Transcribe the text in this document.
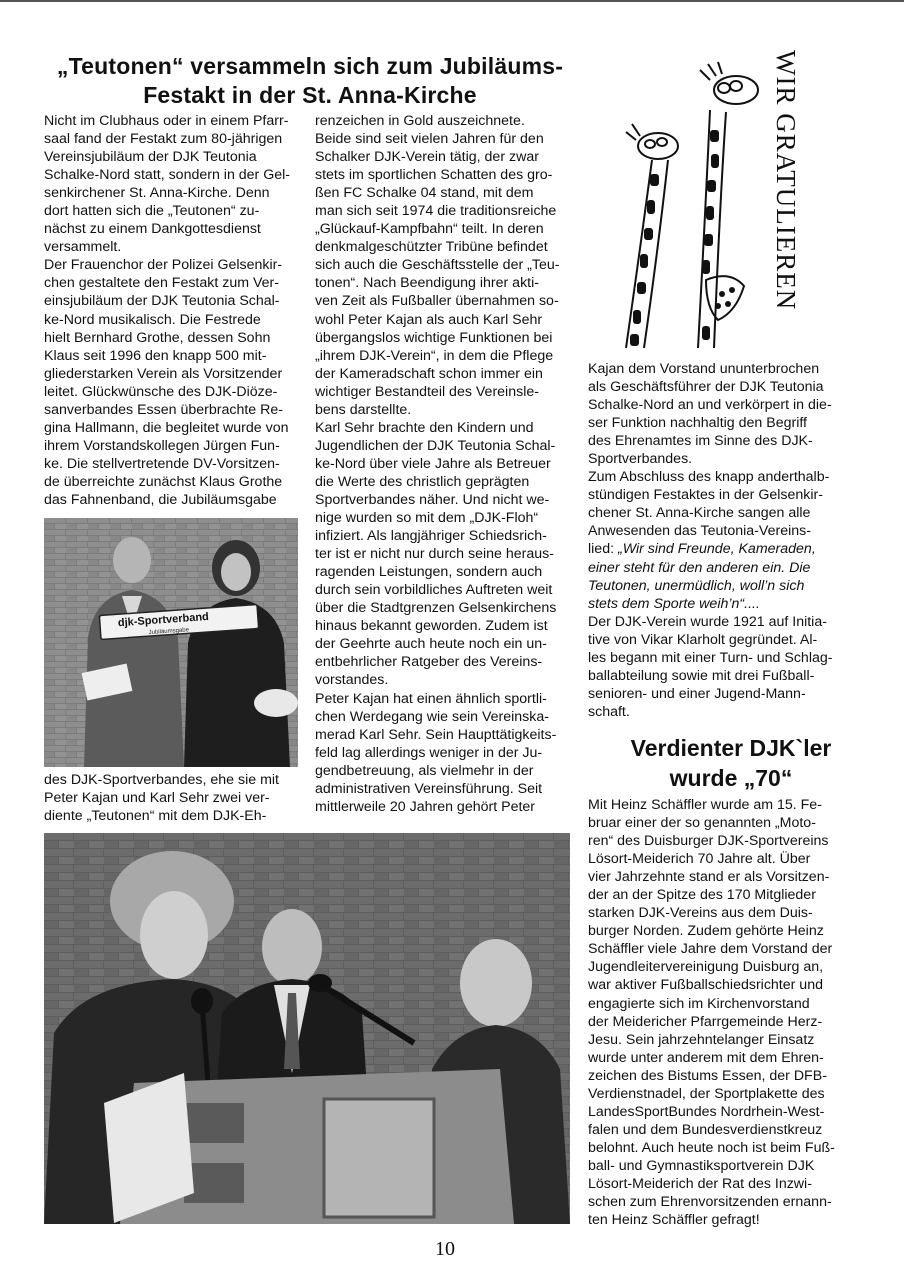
„Teutonen“ versammeln sich zum Jubiläums-
Festakt in der St. Anna-Kirche
Nicht im Clubhaus oder in einem Pfarr-
saal fand der Festakt zum 80-jährigen
Vereinsjubiläum der DJK Teutonia
Schalke-Nord statt, sondern in der Gel-
senkirchener St. Anna-Kirche. Denn
dort hatten sich die „Teutonen“ zu-
nächst zu einem Dankgottesdienst
versammelt.
Der Frauenchor der Polizei Gelsenkir-
chen gestaltete den Festakt zum Ver-
einsjubiläum der DJK Teutonia Schal-
ke-Nord musikalisch. Die Festrede
hielt Bernhard Grothe, dessen Sohn
Klaus seit 1996 den knapp 500 mit-
gliederstarken Verein als Vorsitzender
leitet. Glückwünsche des DJK-Diöze-
sanverbandes Essen überbrachte Re-
gina Hallmann, die begleitet wurde von
ihrem Vorstandskollegen Jürgen Fun-
ke. Die stellvertretende DV-Vorsitzen-
de überreichte zunächst Klaus Grothe
das Fahnenband, die Jubiläumsgabe
djk-Sportverband
Jubiläumsgabe
des DJK-Sportverbandes, ehe sie mit
Peter Kajan und Karl Sehr zwei ver-
diente „Teutonen“ mit dem DJK-Eh-
renzeichen in Gold auszeichnete.
Beide sind seit vielen Jahren für den
Schalker DJK-Verein tätig, der zwar
stets im sportlichen Schatten des gro-
ßen FC Schalke 04 stand, mit dem
man sich seit 1974 die traditionsreiche
„Glückauf-Kampfbahn“ teilt. In deren
denkmalgeschützter Tribüne befindet
sich auch die Geschäftsstelle der „Teu-
tonen“. Nach Beendigung ihrer akti-
ven Zeit als Fußballer übernahmen so-
wohl Peter Kajan als auch Karl Sehr
übergangslos wichtige Funktionen bei
„ihrem DJK-Verein“, in dem die Pflege
der Kameradschaft schon immer ein
wichtiger Bestandteil des Vereinsle-
bens darstellte.
Karl Sehr brachte den Kindern und
Jugendlichen der DJK Teutonia Schal-
ke-Nord über viele Jahre als Betreuer
die Werte des christlich geprägten
Sportverbandes näher. Und nicht we-
nige wurden so mit dem „DJK-Floh“
infiziert. Als langjähriger Schiedsrich-
ter ist er nicht nur durch seine heraus-
ragenden Leistungen, sondern auch
durch sein vorbildliches Auftreten weit
über die Stadtgrenzen Gelsenkirchens
hinaus bekannt geworden. Zudem ist
der Geehrte auch heute noch ein un-
entbehrlicher Ratgeber des Vereins-
vorstandes.
Peter Kajan hat einen ähnlich sportli-
chen Werdegang wie sein Vereinska-
merad Karl Sehr. Sein Haupttätigkeits-
feld lag allerdings weniger in der Ju-
gendbetreuung, als vielmehr in der
administrativen Vereinsführung. Seit
mittlerweile 20 Jahren gehört Peter
WIR GRATULIEREN
Kajan dem Vorstand ununterbrochen
als Geschäftsführer der DJK Teutonia
Schalke-Nord an und verkörpert in die-
ser Funktion nachhaltig den Begriff
des Ehrenamtes im Sinne des DJK-
Sportverbandes.
Zum Abschluss des knapp anderthalb-
stündigen Festaktes in der Gelsenkir-
chener St. Anna-Kirche sangen alle
Anwesenden das Teutonia-Vereins-
lied: „Wir sind Freunde, Kameraden,
einer steht für den anderen ein. Die
Teutonen, unermüdlich, woll’n sich
stets dem Sporte weih’n“....
Der DJK-Verein wurde 1921 auf Initia-
tive von Vikar Klarholt gegründet. Al-
les begann mit einer Turn- und Schlag-
ballabteilung sowie mit drei Fußball-
senioren- und einer Jugend-Mann-
schaft.
Verdienter DJK`ler
wurde „70“
Mit Heinz Schäffler wurde am 15. Fe-
bruar einer der so genannten „Moto-
ren“ des Duisburger DJK-Sportvereins
Lösort-Meiderich 70 Jahre alt. Über
vier Jahrzehnte stand er als Vorsitzen-
der an der Spitze des 170 Mitglieder
starken DJK-Vereins aus dem Duis-
burger Norden. Zudem gehörte Heinz
Schäffler viele Jahre dem Vorstand der
Jugendleitervereinigung Duisburg an,
war aktiver Fußballschiedsrichter und
engagierte sich im Kirchenvorstand
der Meidericher Pfarrgemeinde Herz-
Jesu. Sein jahrzehntelanger Einsatz
wurde unter anderem mit dem Ehren-
zeichen des Bistums Essen, der DFB-
Verdienstnadel, der Sportplakette des
LandesSportBundes Nordrhein-West-
falen und dem Bundesverdienstkreuz
belohnt. Auch heute noch ist beim Fuß-
ball- und Gymnastiksportverein DJK
Lösort-Meiderich der Rat des Inzwi-
schen zum Ehrenvorsitzenden ernann-
ten Heinz Schäffler gefragt!
10
